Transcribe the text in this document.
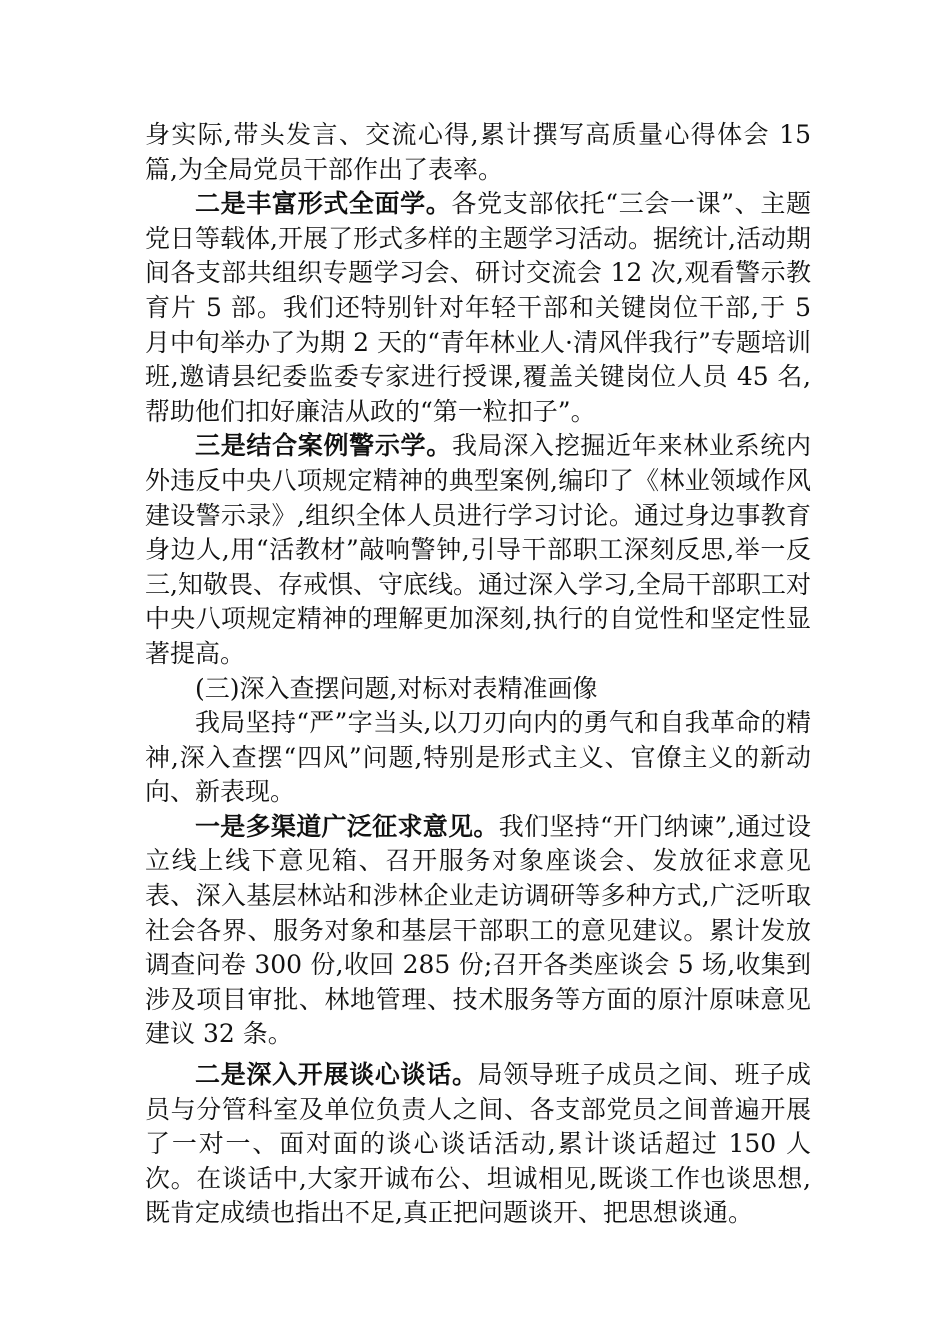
身实际,带头发言、交流心得,累计撰写高质量心得体会 15 篇,为全局党员干部作出了表率。

二是丰富形式全面学。各党支部依托“三会一课”、主题党日等载体,开展了形式多样的主题学习活动。据统计,活动期间各支部共组织专题学习会、研讨交流会 12 次,观看警示教育片 5 部。我们还特别针对年轻干部和关键岗位干部,于 5 月中旬举办了为期 2 天的“青年林业人·清风伴我行”专题培训班,邀请县纪委监委专家进行授课,覆盖关键岗位人员 45 名,帮助他们扣好廉洁从政的“第一粒扣子”。

三是结合案例警示学。我局深入挖掘近年来林业系统内外违反中央八项规定精神的典型案例,编印了《林业领域作风建设警示录》,组织全体人员进行学习讨论。通过身边事教育身边人,用“活教材”敲响警钟,引导干部职工深刻反思,举一反三,知敬畏、存戒惧、守底线。通过深入学习,全局干部职工对中央八项规定精神的理解更加深刻,执行的自觉性和坚定性显著提高。

(三)深入查摆问题,对标对表精准画像

我局坚持“严”字当头,以刀刃向内的勇气和自我革命的精神,深入查摆“四风”问题,特别是形式主义、官僚主义的新动向、新表现。

一是多渠道广泛征求意见。我们坚持“开门纳谏”,通过设立线上线下意见箱、召开服务对象座谈会、发放征求意见表、深入基层林站和涉林企业走访调研等多种方式,广泛听取社会各界、服务对象和基层干部职工的意见建议。累计发放调查问卷 300 份,收回 285 份;召开各类座谈会 5 场,收集到涉及项目审批、林地管理、技术服务等方面的原汁原味意见建议 32 条。

二是深入开展谈心谈话。局领导班子成员之间、班子成员与分管科室及单位负责人之间、各支部党员之间普遍开展了一对一、面对面的谈心谈话活动,累计谈话超过 150 人次。在谈话中,大家开诚布公、坦诚相见,既谈工作也谈思想,既肯定成绩也指出不足,真正把问题谈开、把思想谈通。
